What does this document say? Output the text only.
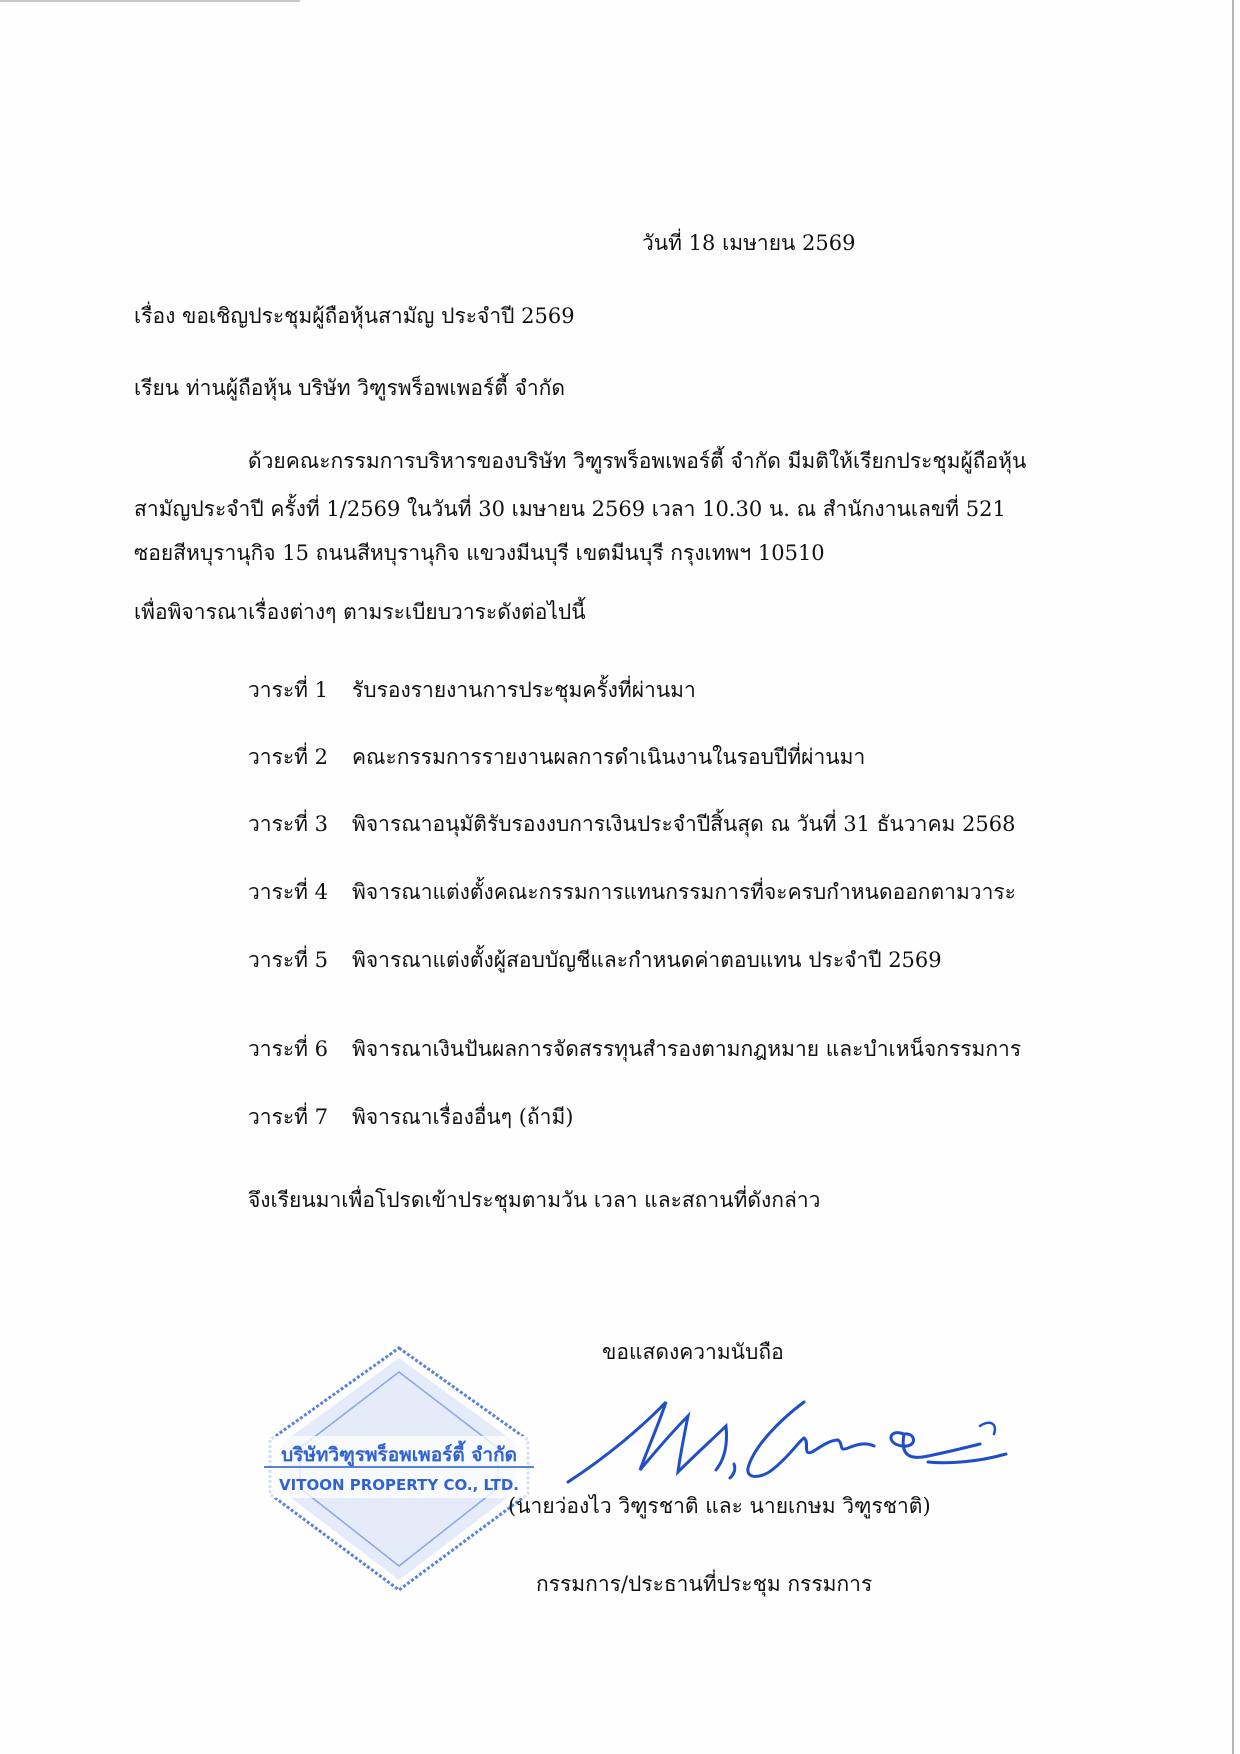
วันที่ 18 เมษายน 2569
เรื่อง ขอเชิญประชุมผู้ถือหุ้นสามัญ ประจำปี 2569
เรียน ท่านผู้ถือหุ้น บริษัท วิฑูรพร็อพเพอร์ตี้ จำกัด
ด้วยคณะกรรมการบริหารของบริษัท วิฑูรพร็อพเพอร์ตี้ จำกัด มีมติให้เรียกประชุมผู้ถือหุ้น
สามัญประจำปี ครั้งที่ 1/2569 ในวันที่ 30 เมษายน 2569 เวลา 10.30 น. ณ สำนักงานเลขที่ 521
ซอยสีหบุรานุกิจ 15 ถนนสีหบุรานุกิจ แขวงมีนบุรี เขตมีนบุรี กรุงเทพฯ 10510
เพื่อพิจารณาเรื่องต่างๆ ตามระเบียบวาระดังต่อไปนี้
วาระที่ 1 รับรองรายงานการประชุมครั้งที่ผ่านมา
วาระที่ 2 คณะกรรมการรายงานผลการดำเนินงานในรอบปีที่ผ่านมา
วาระที่ 3 พิจารณาอนุมัติรับรองงบการเงินประจำปีสิ้นสุด ณ วันที่ 31 ธันวาคม 2568
วาระที่ 4 พิจารณาแต่งตั้งคณะกรรมการแทนกรรมการที่จะครบกำหนดออกตามวาระ
วาระที่ 5 พิจารณาแต่งตั้งผู้สอบบัญชีและกำหนดค่าตอบแทน ประจำปี 2569
วาระที่ 6 พิจารณาเงินปันผลการจัดสรรทุนสำรองตามกฎหมาย และบำเหน็จกรรมการ
วาระที่ 7 พิจารณาเรื่องอื่นๆ (ถ้ามี)
จึงเรียนมาเพื่อโปรดเข้าประชุมตามวัน เวลา และสถานที่ดังกล่าว
ขอแสดงความนับถือ
บริษัทวิฑูรพร็อพเพอร์ตี้ จำกัด
VITOON PROPERTY CO., LTD.
(นายว่องไว วิฑูรชาติ และ นายเกษม วิฑูรชาติ)
กรรมการ/ประธานที่ประชุม กรรมการ
